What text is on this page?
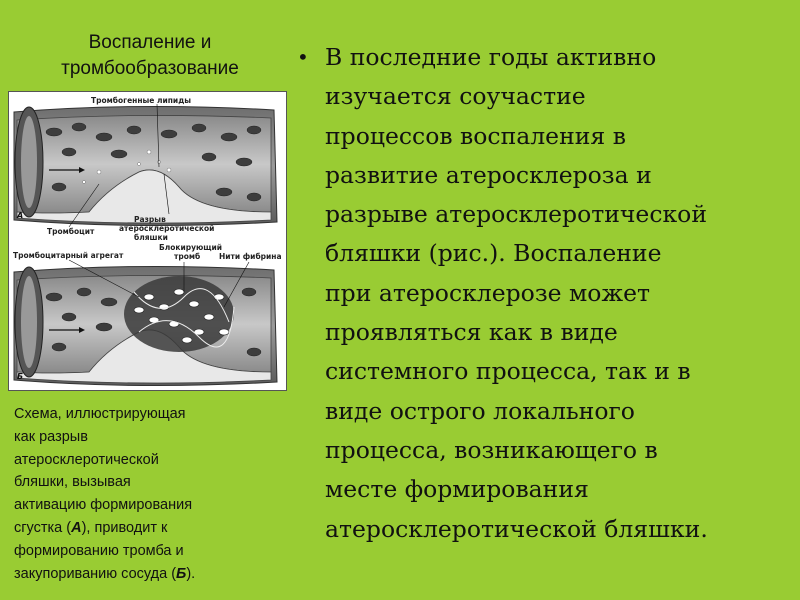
Воспаление и
тромбообразование
Тромбогенные липиды
А
Тромбоцит
Разрыв
атеросклеротической
бляшки
Тромбоцитарный агрегат
Блокирующий
тромб	Нити фибрина
Б
Схема, иллюстрирующая
как разрыв
атеросклеротической
бляшки, вызывая
активацию формирования
сгустка (А), приводит к
формированию тромба и
закупориванию сосуда (Б).
• В последние годы активно
изучается соучастие
процессов воспаления в
развитие атеросклероза и
разрыве атеросклеротической
бляшки (рис.). Воспаление
при атеросклерозе может
проявляться как в виде
системного процесса, так и в
виде острого локального
процесса, возникающего в
месте формирования
атеросклеротической бляшки.
